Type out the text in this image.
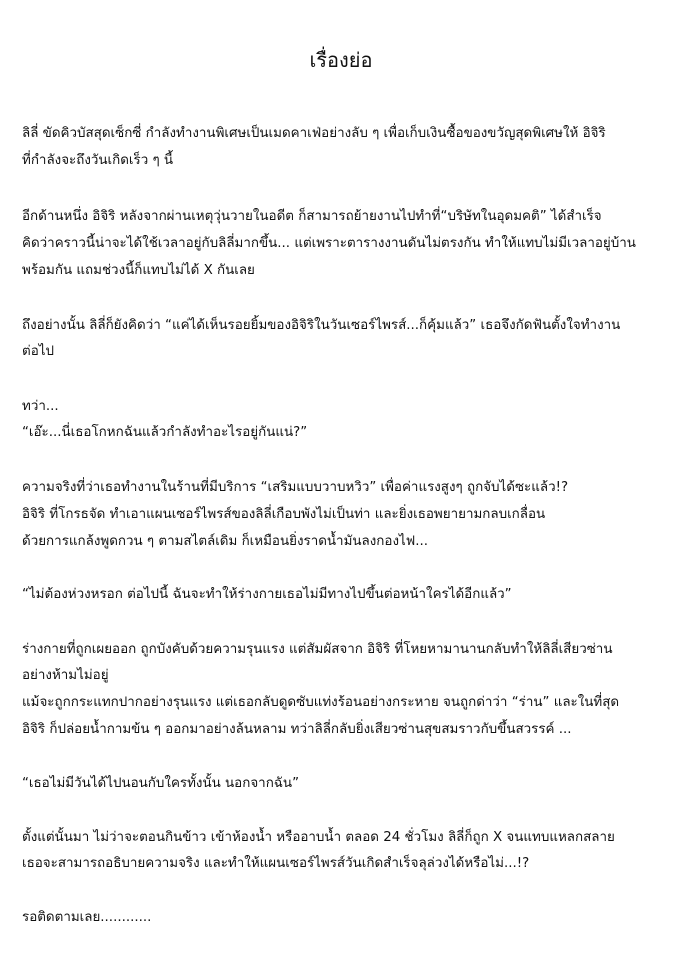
เรื่องย่อ
ลิลี่ ขัดคิวบัสสุดเซ็กซี่ กำลังทำงานพิเศษเป็นเมดคาเฟ่อย่างลับ ๆ เพื่อเก็บเงินซื้อของขวัญสุดพิเศษให้ อิจิริ
ที่กำลังจะถึงวันเกิดเร็ว ๆ นี้
อีกด้านหนึ่ง อิจิริ หลังจากผ่านเหตุวุ่นวายในอดีต ก็สามารถย้ายงานไปทำที่“บริษัทในอุดมคติ” ได้สำเร็จ
คิดว่าคราวนี้น่าจะได้ใช้เวลาอยู่กับลิลี่มากขึ้น... แต่เพราะตารางงานดันไม่ตรงกัน ทำให้แทบไม่มีเวลาอยู่บ้าน
พร้อมกัน แถมช่วงนี้ก็แทบไม่ได้ X กันเลย
ถึงอย่างนั้น ลิลี่ก็ยังคิดว่า “แค่ได้เห็นรอยยิ้มของอิจิริในวันเซอร์ไพรส์...ก็คุ้มแล้ว” เธอจึงกัดฟันตั้งใจทำงาน
ต่อไป
ทว่า...
“เอ๊ะ...นี่เธอโกหกฉันแล้วกำลังทำอะไรอยู่กันแน่?”
ความจริงที่ว่าเธอทำงานในร้านที่มีบริการ “เสริมแบบวาบหวิว” เพื่อค่าแรงสูงๆ ถูกจับได้ซะแล้ว!?
อิจิริ ที่โกรธจัด ทำเอาแผนเซอร์ไพรส์ของลิลี่เกือบพังไม่เป็นท่า และยิ่งเธอพยายามกลบเกลื่อน
ด้วยการแกล้งพูดกวน ๆ ตามสไตล์เดิม ก็เหมือนยิ่งราดน้ำมันลงกองไฟ...
“ไม่ต้องห่วงหรอก ต่อไปนี้ ฉันจะทำให้ร่างกายเธอไม่มีทางไปขึ้นต่อหน้าใครได้อีกแล้ว”
ร่างกายที่ถูกเผยออก ถูกบังคับด้วยความรุนแรง แต่สัมผัสจาก อิจิริ ที่โหยหามานานกลับทำให้ลิลี่เสียวซ่าน
อย่างห้ามไม่อยู่
แม้จะถูกกระแทกปากอย่างรุนแรง แต่เธอกลับดูดซับแท่งร้อนอย่างกระหาย จนถูกด่าว่า “ร่าน” และในที่สุด
อิจิริ ก็ปล่อยน้ำกามข้น ๆ ออกมาอย่างล้นหลาม ทว่าลิลี่กลับยิ่งเสียวซ่านสุขสมราวกับขึ้นสวรรค์ ...
“เธอไม่มีวันได้ไปนอนกับใครทั้งนั้น นอกจากฉัน”
ตั้งแต่นั้นมา ไม่ว่าจะตอนกินข้าว เข้าห้องน้ำ หรืออาบน้ำ ตลอด 24 ชั่วโมง ลิลี่ก็ถูก X จนแทบแหลกสลาย
เธอจะสามารถอธิบายความจริง และทำให้แผนเซอร์ไพรส์วันเกิดสำเร็จลุล่วงได้หรือไม่...!?
รอติดตามเลย............
